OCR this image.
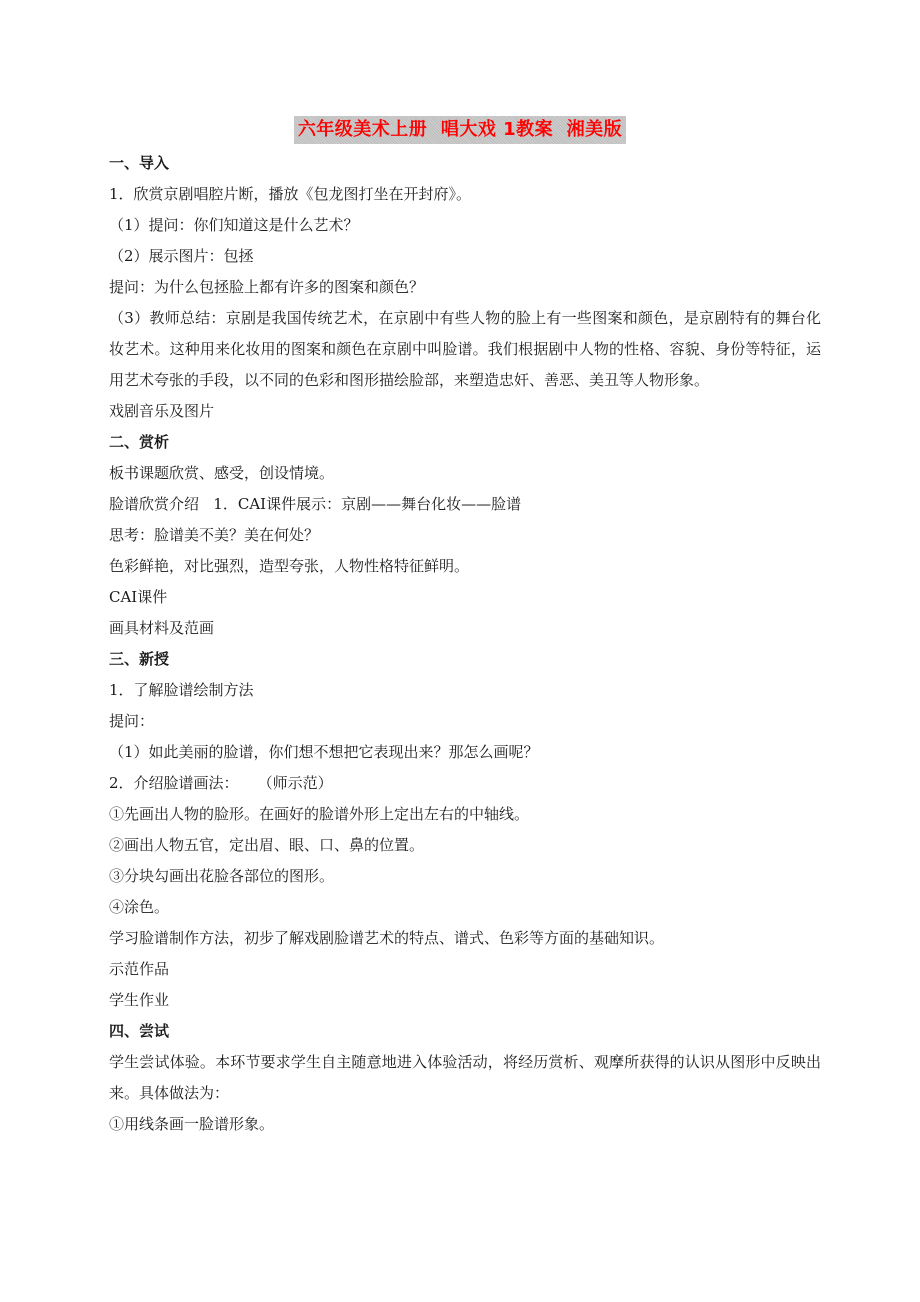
六年级美术上册  唱大戏 1教案  湘美版
一、导入
1．欣赏京剧唱腔片断，播放《包龙图打坐在开封府》。
（1）提问：你们知道这是什么艺术？
（2）展示图片：包拯
提问：为什么包拯脸上都有许多的图案和颜色？
（3）教师总结：京剧是我国传统艺术，在京剧中有些人物的脸上有一些图案和颜色，是京剧特有的舞台化妆艺术。这种用来化妆用的图案和颜色在京剧中叫脸谱。我们根据剧中人物的性格、容貌、身份等特征，运用艺术夸张的手段，以不同的色彩和图形描绘脸部，来塑造忠奸、善恶、美丑等人物形象。
戏剧音乐及图片
二、赏析
板书课题欣赏、感受，创设情境。
脸谱欣赏介绍   1．CAI课件展示：京剧——舞台化妆——脸谱
思考：脸谱美不美？美在何处？
色彩鲜艳，对比强烈，造型夸张，人物性格特征鲜明。
CAI课件
画具材料及范画
三、新授
1．了解脸谱绘制方法
提问：
（1）如此美丽的脸谱，你们想不想把它表现出来？那怎么画呢？
2．介绍脸谱画法：    （师示范）
①先画出人物的脸形。在画好的脸谱外形上定出左右的中轴线。
②画出人物五官，定出眉、眼、口、鼻的位置。
③分块勾画出花脸各部位的图形。
④涂色。
学习脸谱制作方法，初步了解戏剧脸谱艺术的特点、谱式、色彩等方面的基础知识。
示范作品
学生作业
四、尝试
学生尝试体验。本环节要求学生自主随意地进入体验活动，将经历赏析、观摩所获得的认识从图形中反映出来。具体做法为：
①用线条画一脸谱形象。
